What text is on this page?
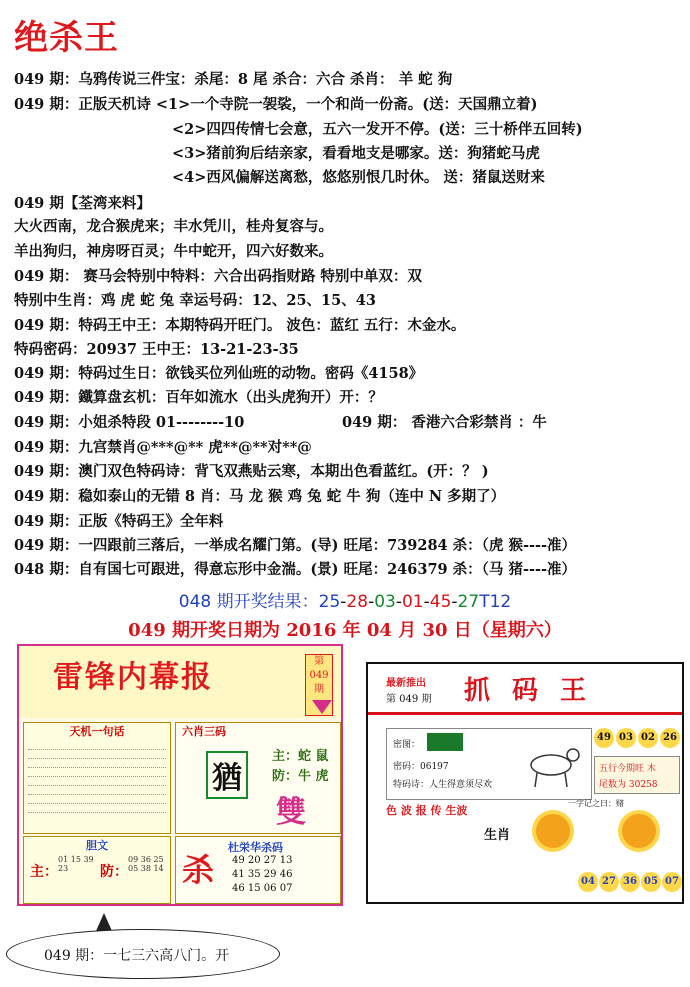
绝杀王
049 期：乌鸦传说三件宝：杀尾：8 尾 杀合：六合 杀肖： 羊 蛇 狗
049 期：正版天机诗 <1>一个寺院一袈裟，一个和尚一份斋。(送：天国鼎立着)
<2>四四传情七会意，五六一发开不停。(送：三十桥伴五回转)
<3>猪前狗后结亲家，看看地支是哪家。送：狗猪蛇马虎
<4>西风偏解送离愁，悠悠别恨几时休。 送：猪鼠送财来
049 期【荃湾来料】
大火西南，龙合猴虎来；丰水凭川，桂舟复容与。
羊出狗归，神房呀百灵；牛中蛇开，四六好数来。
049 期： 赛马会特别中特料：六合出码指财路 特别中单双：双
特别中生肖：鸡 虎 蛇 兔 幸运号码：12、25、15、43
049 期：特码王中王：本期特码开旺门。 波色：蓝红 五行：木金水。
特码密码：20937 王中王：13-21-23-35
049 期：特码过生日：欲钱买位列仙班的动物。密码《4158》
049 期：鐵算盘玄机：百年如流水（出头虎狗开）开：？
049 期：小姐杀特段 01--------10	049 期： 香港六合彩禁肖 ：牛
049 期：九宫禁肖@***@** 虎**@**对**@
049 期：澳门双色特码诗：背飞双燕贴云寒，本期出色看蓝红。(开：？ )
049 期：稳如泰山的无错 8 肖：马 龙 猴 鸡 兔 蛇 牛 狗（连中 N 多期了）
049 期：正版《特码王》全年料
049 期：一四跟前三落后，一举成名耀门第。(导) 旺尾：739284 杀：（虎 猴----准）
048 期：自有国七可跟进，得意忘形中金湍。(景) 旺尾：246379 杀：（马 猪----准）
048 期开奖结果：25-28-03-01-45-27T12
049 期开奖日期为 2016 年 04 月 30 日（星期六）
雷锋内幕报	第
049
期
天机一句话	六肖三码
猶
主：蛇 鼠
防：牛 虎
雙
胆文
主：
01 15 39 23	防：
09 36 25 05 38 14 杀
杜栄华杀码
49 20 27 13
41 35 29 46
46 15 06 07
最新推出
第 049 期 抓码王
49 03 02 26
五行今期旺 木
尾数为 30258
密图：
密码：06197
特码诗：人生得意须尽欢
色 波 报 传 生波
生肖
一字记之曰：赌
04 27 36 05 07
049 期：一七三六高八门。开
